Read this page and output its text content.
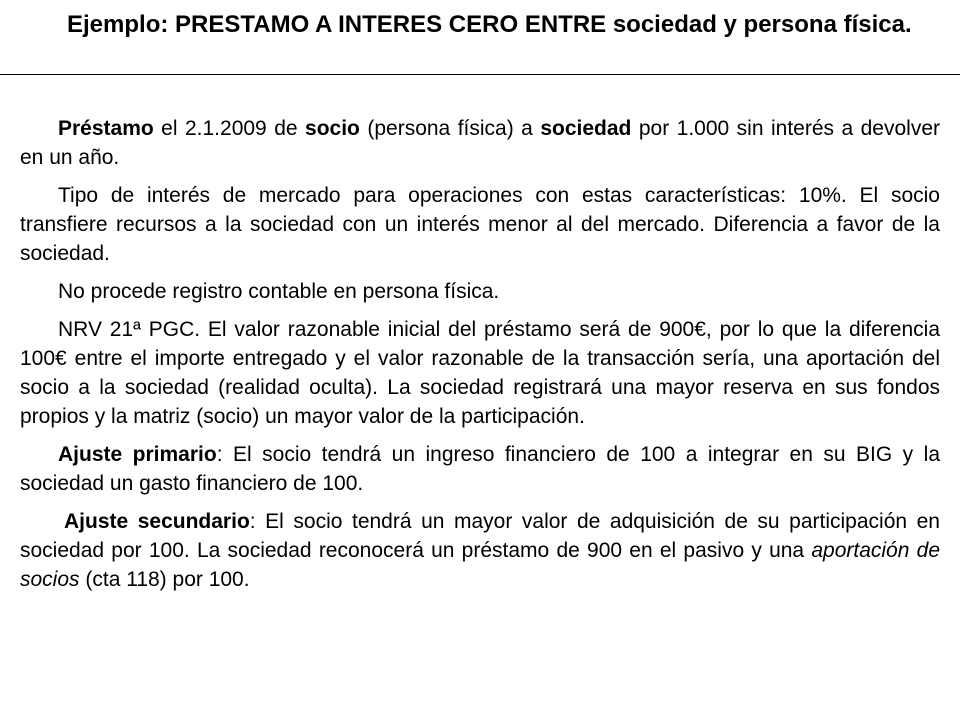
Ejemplo: PRESTAMO A INTERES CERO ENTRE sociedad y persona física.

Préstamo el 2.1.2009 de socio (persona física) a sociedad por 1.000 sin interés a devolver en un año.

Tipo de interés de mercado para operaciones con estas características: 10%. El socio transfiere recursos a la sociedad con un interés menor al del mercado. Diferencia a favor de la sociedad.

No procede registro contable en persona física.

NRV 21ª PGC. El valor razonable inicial del préstamo será de 900€, por lo que la diferencia 100€ entre el importe entregado y el valor razonable de la transacción sería, una aportación del socio a la sociedad (realidad oculta). La sociedad registrará una mayor reserva en sus fondos propios y la matriz (socio) un mayor valor de la participación.

Ajuste primario: El socio tendrá un ingreso financiero de 100 a integrar en su BIG y la sociedad un gasto financiero de 100.

Ajuste secundario: El socio tendrá un mayor valor de adquisición de su participación en sociedad por 100. La sociedad reconocerá un préstamo de 900 en el pasivo y una aportación de socios (cta 118) por 100.
